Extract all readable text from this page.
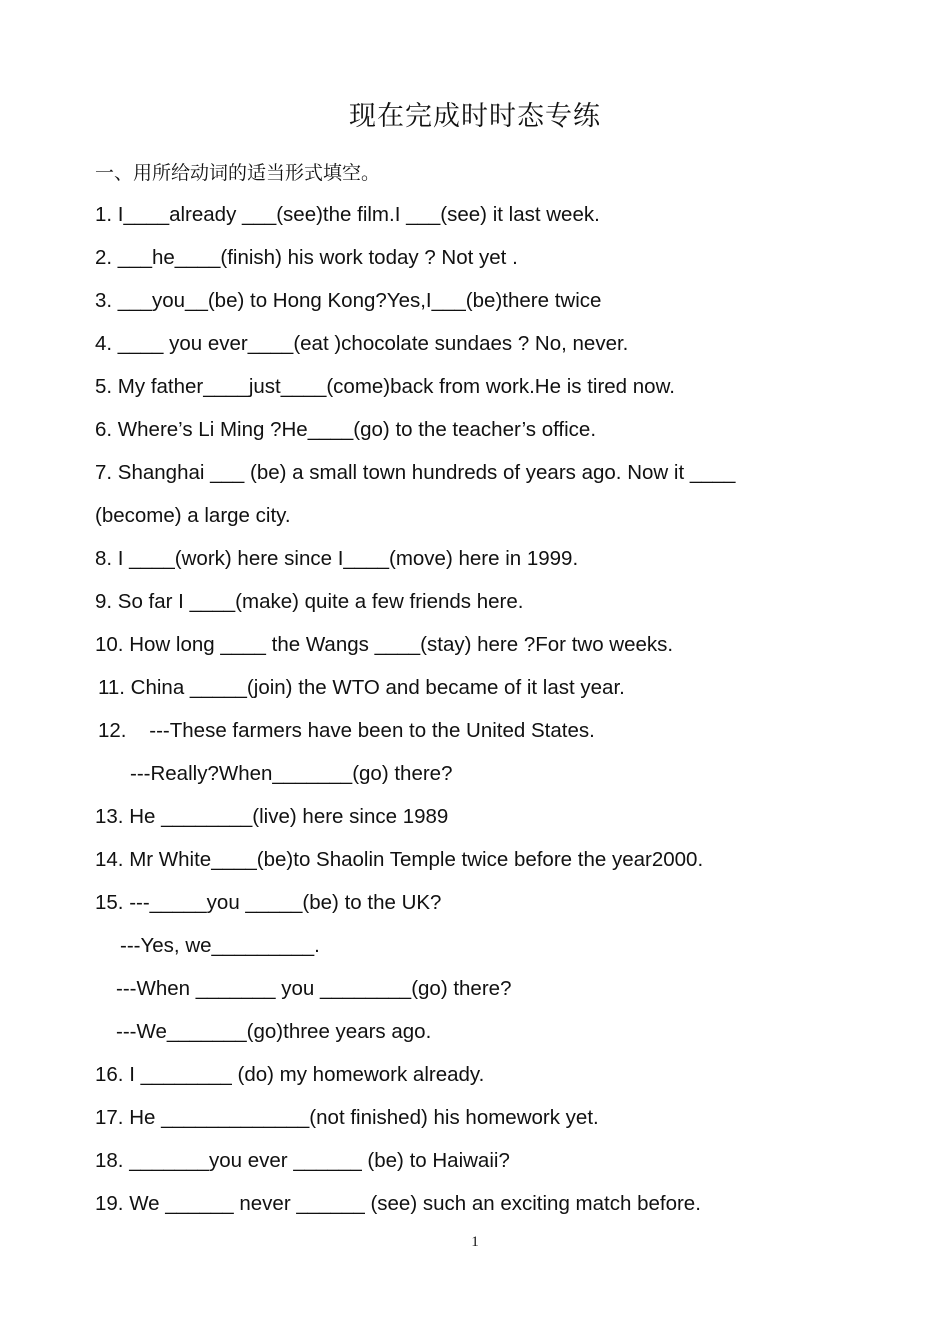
现在完成时时态专练
一、用所给动词的适当形式填空。
1. I____already ___(see)the film.I ___(see) it last week.
2. ___he____(finish) his work today ? Not yet .
3. ___you__(be) to Hong Kong?Yes,I___(be)there twice
4. ____ you ever____(eat )chocolate sundaes ? No, never.
5. My father____just____(come)back from work.He is tired now.
6. Where’s Li Ming ?He____(go) to the teacher’s office.
7. Shanghai ___ (be) a small town hundreds of years ago. Now it ____
(become) a large city.
8. I ____(work) here since I____(move) here in 1999.
9. So far I ____(make) quite a few friends here.
10. How long ____ the Wangs ____(stay) here ?For two weeks.
11. China _____(join) the WTO and became of it last year.
12.    ---These farmers have been to the United States.
---Really?When_______(go) there?
13. He ________(live) here since 1989
14. Mr White____(be)to Shaolin Temple twice before the year2000.
15. ---_____you _____(be) to the UK?
---Yes, we_________.
---When _______ you ________(go) there?
---We_______(go)three years ago.
16. I ________ (do) my homework already.
17. He _____________(not finished) his homework yet.
18. _______you ever ______ (be) to Haiwaii?
19. We ______ never ______ (see) such an exciting match before.
1
